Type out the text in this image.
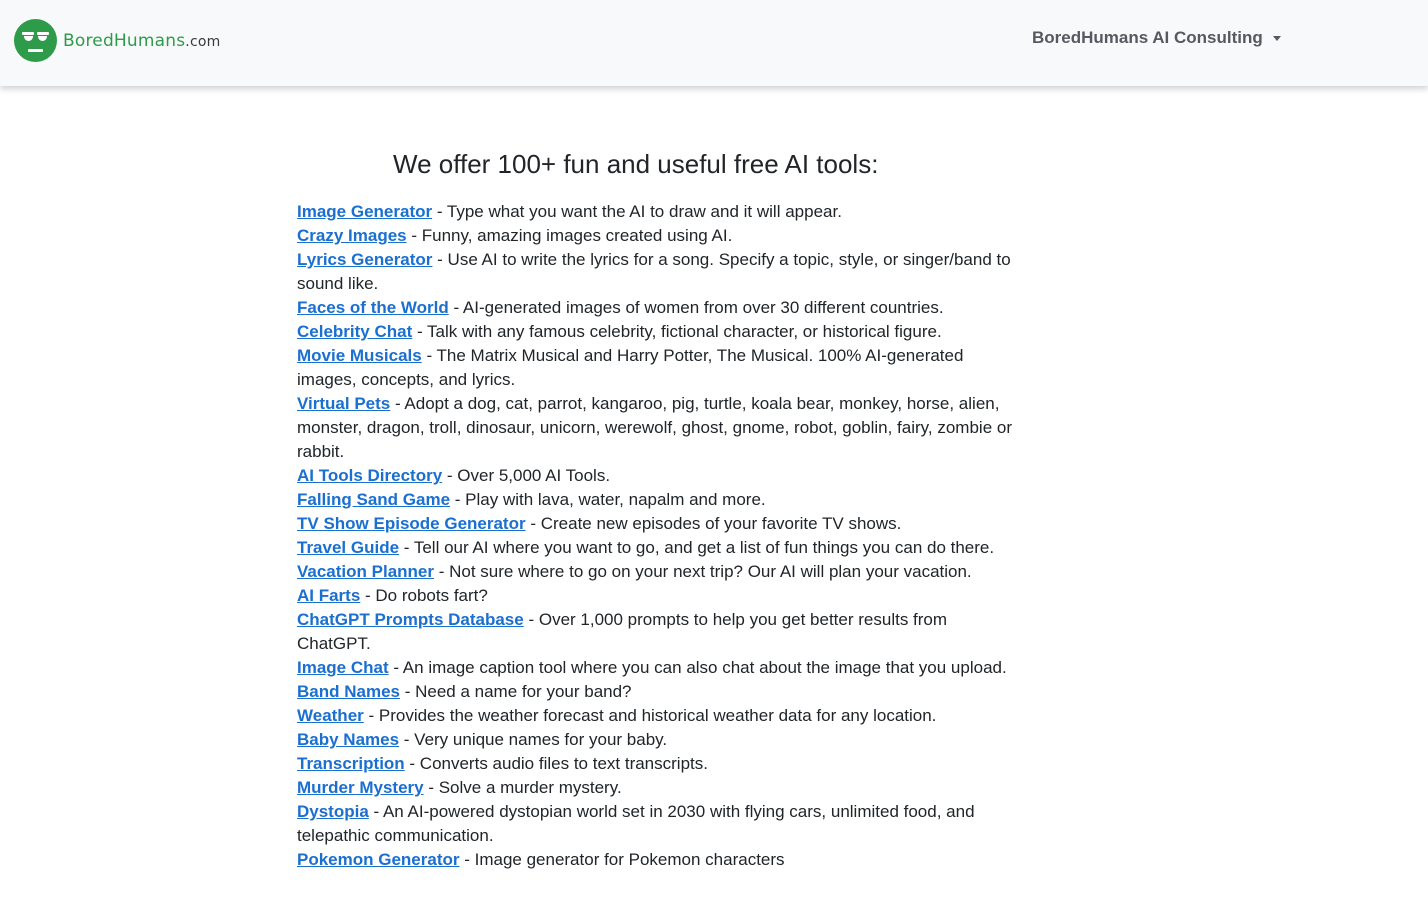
BoredHumans.com	BoredHumans AI Consulting
We offer 100+ fun and useful free AI tools:
Image Generator - Type what you want the AI to draw and it will appear.
Crazy Images - Funny, amazing images created using AI.
Lyrics Generator - Use AI to write the lyrics for a song. Specify a topic, style, or singer/band to sound like.
Faces of the World - AI-generated images of women from over 30 different countries.
Celebrity Chat - Talk with any famous celebrity, fictional character, or historical figure.
Movie Musicals - The Matrix Musical and Harry Potter, The Musical. 100% AI-generated images, concepts, and lyrics.
Virtual Pets - Adopt a dog, cat, parrot, kangaroo, pig, turtle, koala bear, monkey, horse, alien, monster, dragon, troll, dinosaur, unicorn, werewolf, ghost, gnome, robot, goblin, fairy, zombie or rabbit.
AI Tools Directory - Over 5,000 AI Tools.
Falling Sand Game - Play with lava, water, napalm and more.
TV Show Episode Generator - Create new episodes of your favorite TV shows.
Travel Guide - Tell our AI where you want to go, and get a list of fun things you can do there.
Vacation Planner - Not sure where to go on your next trip? Our AI will plan your vacation.
AI Farts - Do robots fart?
ChatGPT Prompts Database - Over 1,000 prompts to help you get better results from ChatGPT.
Image Chat - An image caption tool where you can also chat about the image that you upload.
Band Names - Need a name for your band?
Weather - Provides the weather forecast and historical weather data for any location.
Baby Names - Very unique names for your baby.
Transcription - Converts audio files to text transcripts.
Murder Mystery - Solve a murder mystery.
Dystopia - An AI-powered dystopian world set in 2030 with flying cars, unlimited food, and telepathic communication.
Pokemon Generator - Image generator for Pokemon characters
